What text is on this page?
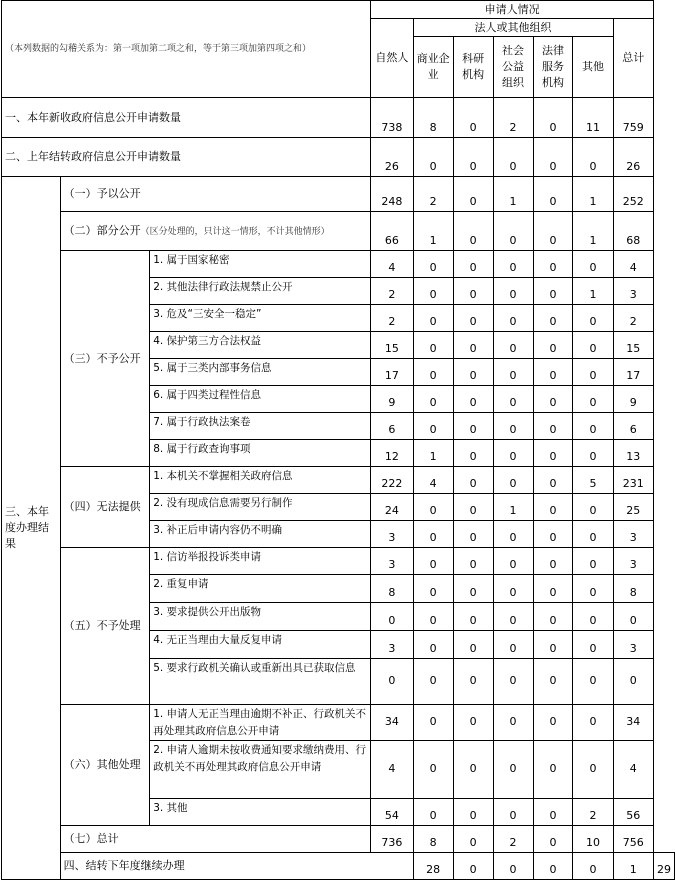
（本列数据的勾稽关系为：第一项加第二项之和，等于第三项加第四项之和）			申请人情况							
			自然人	法人或其他组织					总计	
				商业企业	科研机构	社会公益组织	法律服务机构	其他		
一、本年新收政府信息公开申请数量			738	8	0	2	0	11	759	
二、上年结转政府信息公开申请数量			26	0	0	0	0	0	26	
三、本年度办理结果	（一）予以公开		248	2	0	1	0	1	252	
	（二）部分公开（区分处理的，只计这一情形，不计其他情形）		66	1	0	0	0	1	68	
	（三）不予公开	1. 属于国家秘密	4	0	0	0	0	0	4	
		2. 其他法律行政法规禁止公开	2	0	0	0	0	1	3	
		3. 危及“三安全一稳定”	2	0	0	0	0	0	2	
		4. 保护第三方合法权益	15	0	0	0	0	0	15	
		5. 属于三类内部事务信息	17	0	0	0	0	0	17	
		6. 属于四类过程性信息	9	0	0	0	0	0	9	
		7. 属于行政执法案卷	6	0	0	0	0	0	6	
		8. 属于行政查询事项	12	1	0	0	0	0	13	
	（四）无法提供	1. 本机关不掌握相关政府信息	222	4	0	0	0	5	231	
		2. 没有现成信息需要另行制作	24	0	0	1	0	0	25	
		3. 补正后申请内容仍不明确	3	0	0	0	0	0	3	
	（五）不予处理	1. 信访举报投诉类申请	3	0	0	0	0	0	3	
		2. 重复申请	8	0	0	0	0	0	8	
		3. 要求提供公开出版物	0	0	0	0	0	0	0	
		4. 无正当理由大量反复申请	3	0	0	0	0	0	3	
		5. 要求行政机关确认或重新出具已获取信息	0	0	0	0	0	0	0	
	（六）其他处理	1. 申请人无正当理由逾期不补正、行政机关不再处理其政府信息公开申请	34	0	0	0	0	0	34	
		2. 申请人逾期未按收费通知要求缴纳费用、行政机关不再处理其政府信息公开申请	4	0	0	0	0	0	4	
		3. 其他	54	0	0	0	0	2	56	
	（七）总计		736	8	0	2	0	10	756	
	四、结转下年度继续办理			28	0	0	0	0	1	29
